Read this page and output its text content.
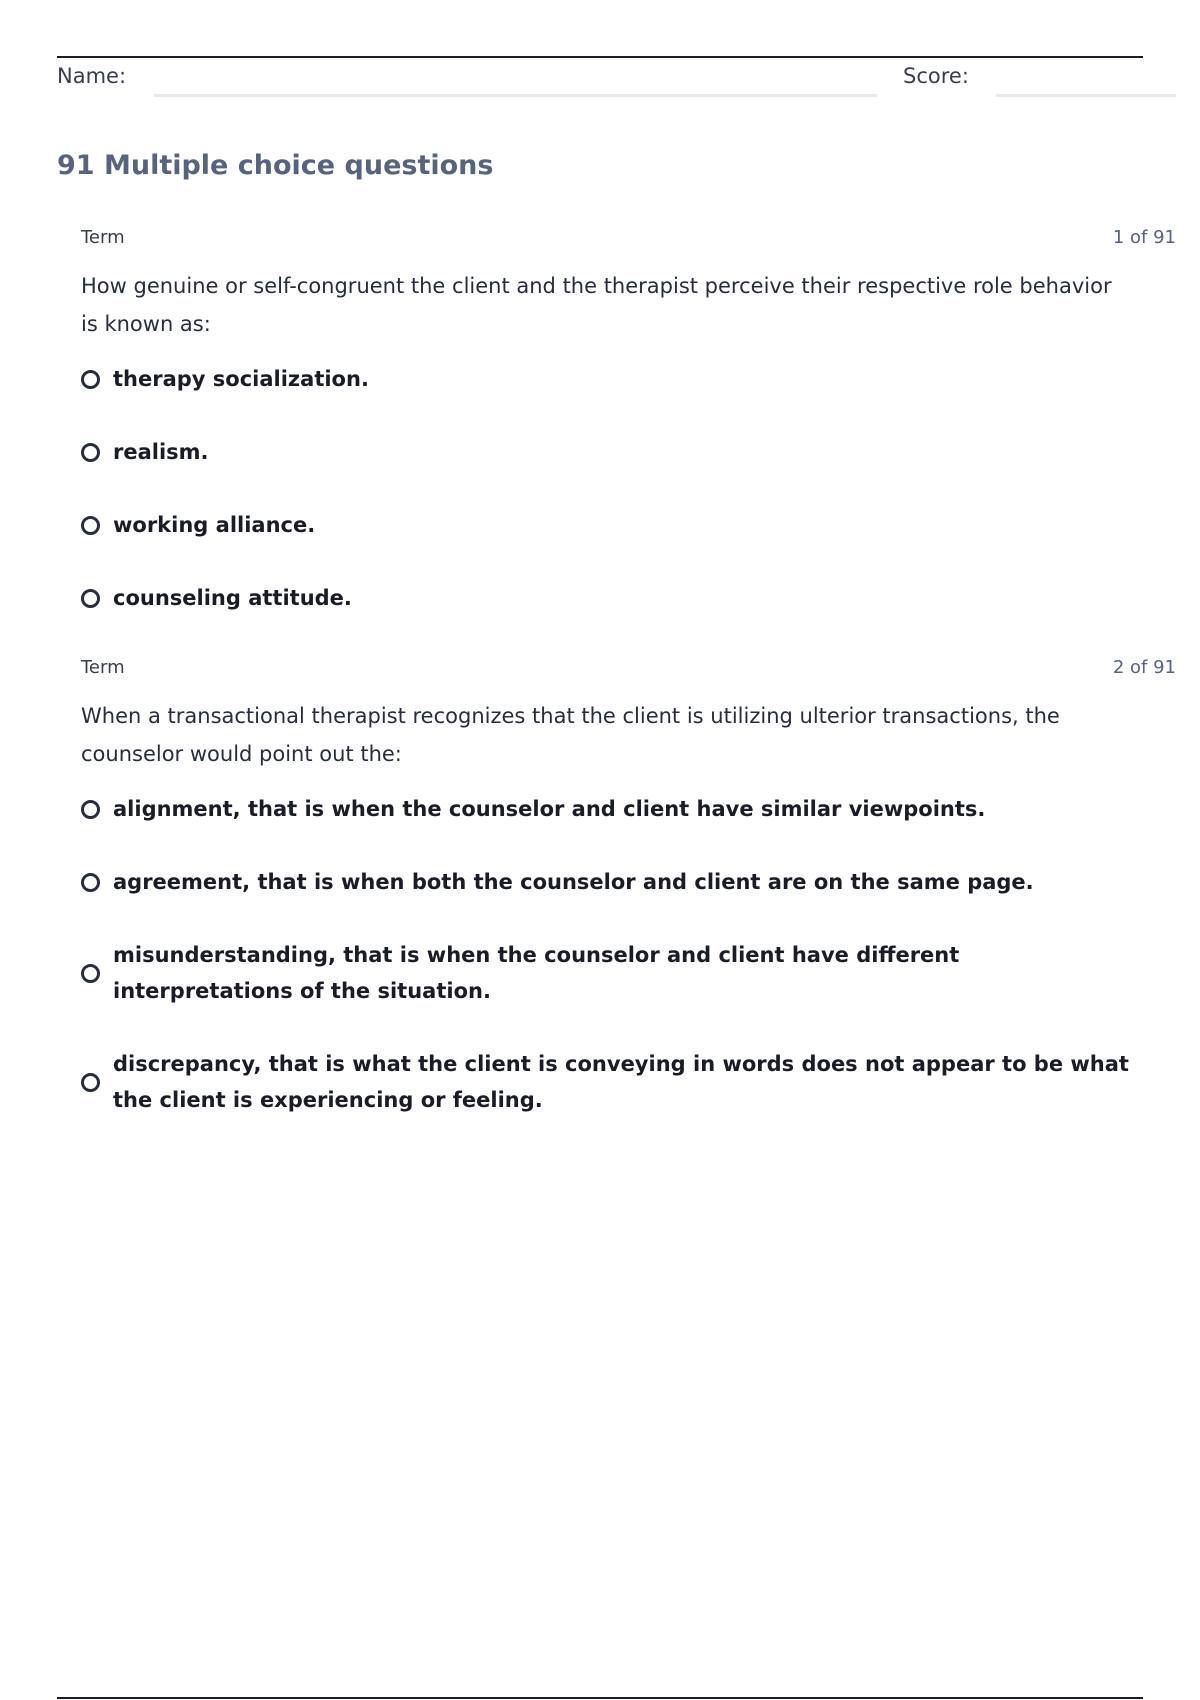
Name:	Score:
91 Multiple choice questions
Term	1 of 91

How genuine or self-congruent the client and the therapist perceive their respective role behavior is known as:

therapy socialization.
realism.
working alliance.
counseling attitude.
Term	2 of 91

When a transactional therapist recognizes that the client is utilizing ulterior transactions, the counselor would point out the:

alignment, that is when the counselor and client have similar viewpoints.
agreement, that is when both the counselor and client are on the same page.
misunderstanding, that is when the counselor and client have different interpretations of the situation.
discrepancy, that is what the client is conveying in words does not appear to be what the client is experiencing or feeling.
